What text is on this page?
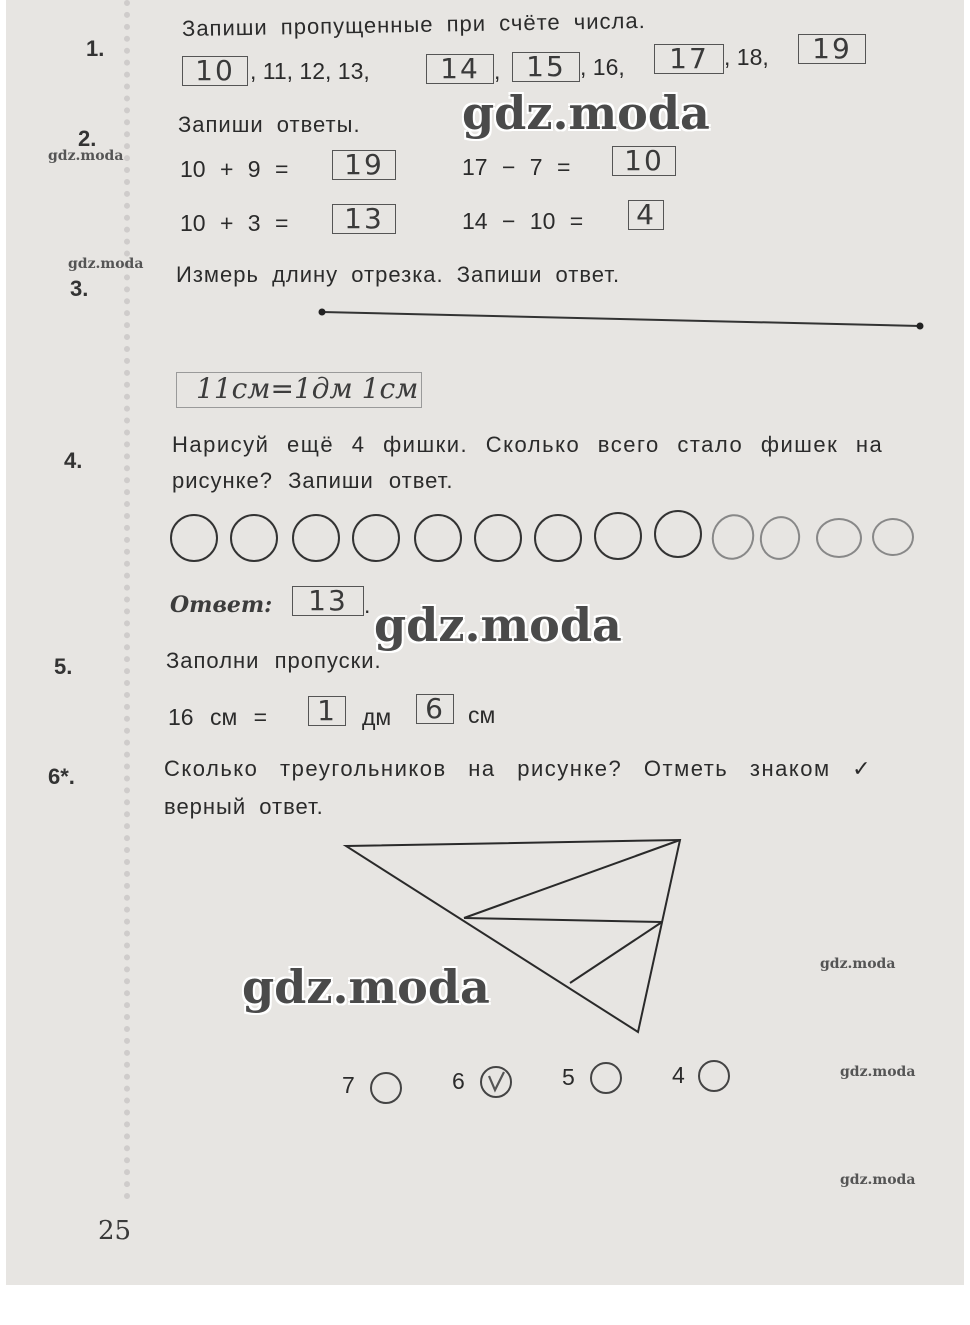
1.
Запиши пропущенные при счёте числа.
10 , 11, 12, 13,	14 , 15 , 16,	17 , 18,	19
2.
Запиши ответы.
10 + 9 =	19	17 − 7 =	10
10 + 3 =	13	14 − 10 = 4
3.
Измерь длину отрезка. Запиши ответ.
11см=1дм 1см
4.
Нарисуй ещё 4 фишки. Сколько всего стало фишек на
рисунке? Запиши ответ.
Ответ:	13 .
5.	Заполни пропуски.
16 см =	1	дм	6	см
6*.	Сколько треугольников на рисунке? Отметь знаком ✓
верный ответ.
7	6	5	4
25
gdz.moda
gdz.moda
gdz.moda
gdz.moda
gdz.moda	gdz.moda
gdz.moda
gdz.moda
